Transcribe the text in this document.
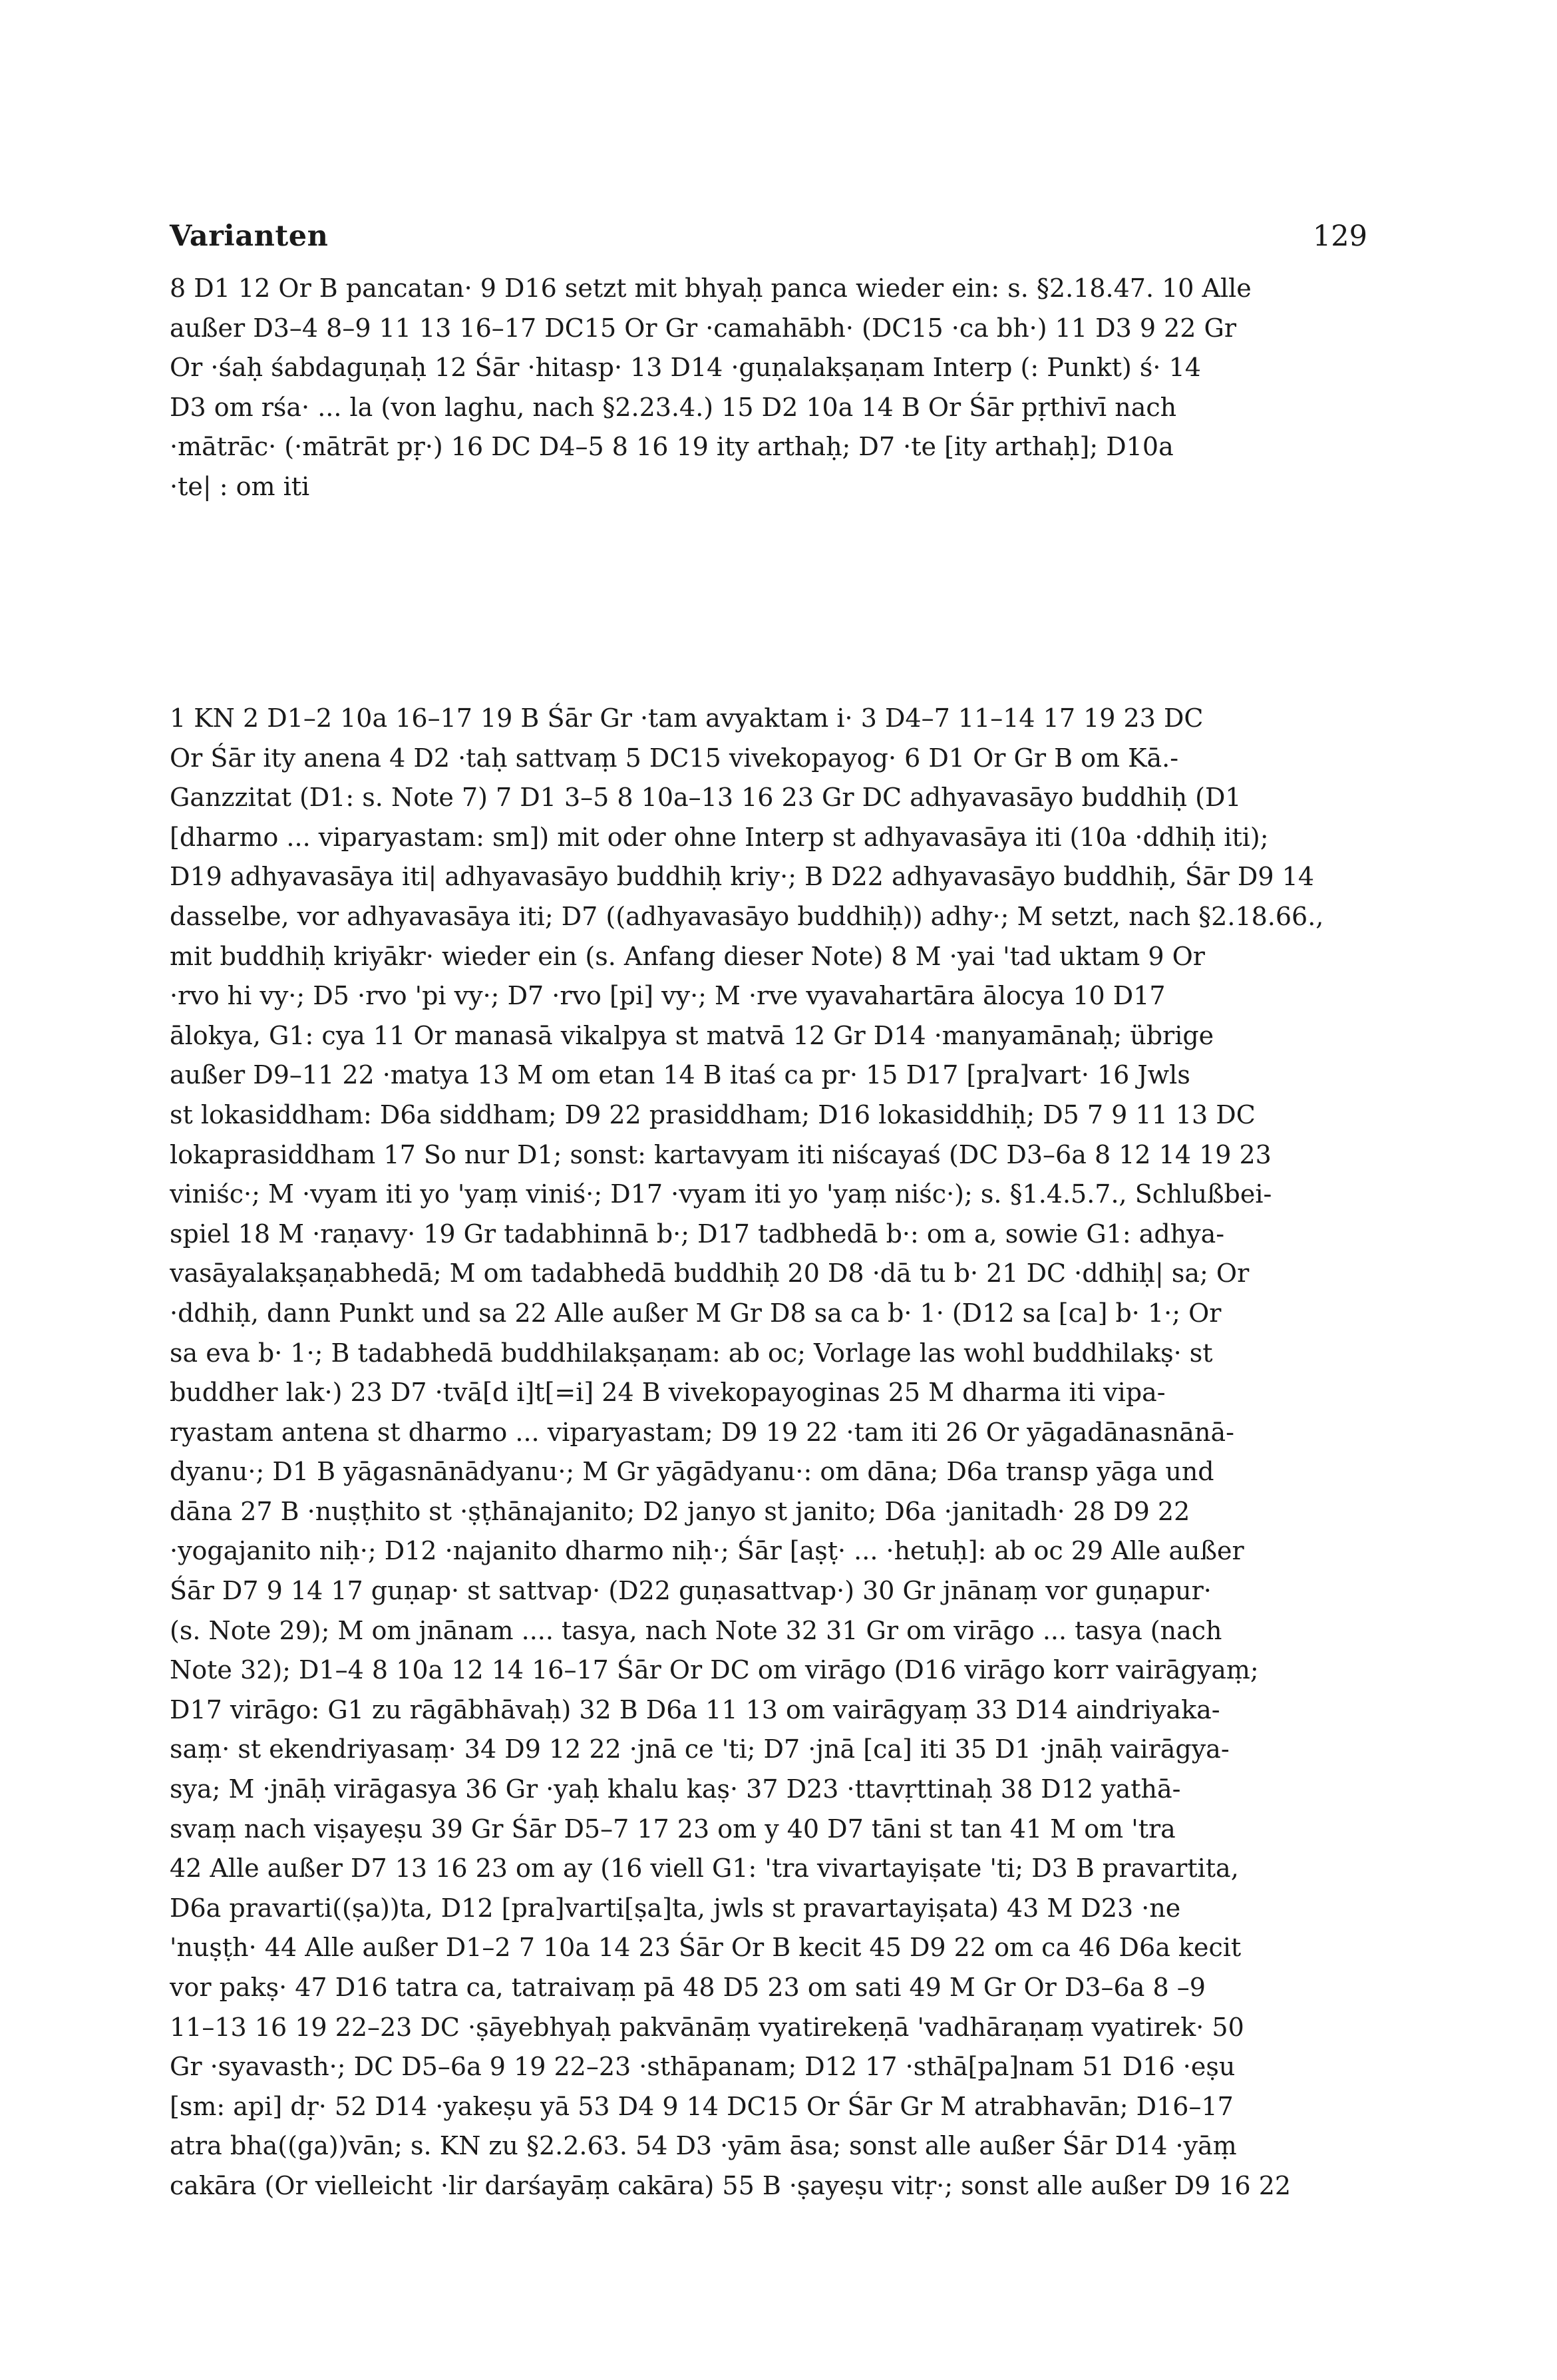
Varianten	129
8 D1 12 Or B pancatan· 9 D16 setzt mit bhyaḥ panca wieder ein: s. §2.18.47. 10 Alle
außer D3–4 8–9 11 13 16–17 DC15 Or Gr ·camahābh· (DC15 ·ca bh·) 11 D3 9 22 Gr
Or ·śaḥ śabdaguṇaḥ 12 Śār ·hitasp· 13 D14 ·guṇalakṣaṇam Interp (: Punkt) ś· 14
D3 om rśa· ... la (von laghu, nach §2.23.4.) 15 D2 10a 14 B Or Śār pṛthivī nach
·mātrāc· (·mātrāt pṛ·) 16 DC D4–5 8 16 19 ity arthaḥ; D7 ·te [ity arthaḥ]; D10a
·te| : om iti
1 KN 2 D1–2 10a 16–17 19 B Śār Gr ·tam avyaktam i· 3 D4–7 11–14 17 19 23 DC
Or Śār ity anena 4 D2 ·taḥ sattvaṃ 5 DC15 vivekopayog· 6 D1 Or Gr B om Kā.-
Ganzzitat (D1: s. Note 7) 7 D1 3–5 8 10a–13 16 23 Gr DC adhyavasāyo buddhiḥ (D1
[dharmo ... viparyastam: sm]) mit oder ohne Interp st adhyavasāya iti (10a ·ddhiḥ iti);
D19 adhyavasāya iti| adhyavasāyo buddhiḥ kriy·; B D22 adhyavasāyo buddhiḥ, Śār D9 14
dasselbe, vor adhyavasāya iti; D7 ((adhyavasāyo buddhiḥ)) adhy·; M setzt, nach §2.18.66.,
mit buddhiḥ kriyākr· wieder ein (s. Anfang dieser Note) 8 M ·yai 'tad uktam 9 Or
·rvo hi vy·; D5 ·rvo 'pi vy·; D7 ·rvo [pi] vy·; M ·rve vyavahartāra ālocya 10 D17
ālokya, G1: cya 11 Or manasā vikalpya st matvā 12 Gr D14 ·manyamānaḥ; übrige
außer D9–11 22 ·matya 13 M om etan 14 B itaś ca pr· 15 D17 [pra]vart· 16 Jwls
st lokasiddham: D6a siddham; D9 22 prasiddham; D16 lokasiddhiḥ; D5 7 9 11 13 DC
lokaprasiddham 17 So nur D1; sonst: kartavyam iti niścayaś (DC D3–6a 8 12 14 19 23
viniśc·; M ·vyam iti yo 'yaṃ viniś·; D17 ·vyam iti yo 'yaṃ niśc·); s. §1.4.5.7., Schlußbei-
spiel 18 M ·raṇavy· 19 Gr tadabhinnā b·; D17 tadbhedā b·: om a, sowie G1: adhya-
vasāyalakṣaṇabhedā; M om tadabhedā buddhiḥ 20 D8 ·dā tu b· 21 DC ·ddhiḥ| sa; Or
·ddhiḥ, dann Punkt und sa 22 Alle außer M Gr D8 sa ca b· 1· (D12 sa [ca] b· 1·; Or
sa eva b· 1·; B tadabhedā buddhilakṣaṇam: ab oc; Vorlage las wohl buddhilakṣ· st
buddher lak·) 23 D7 ·tvā[d i]t[=i] 24 B vivekopayoginas 25 M dharma iti vipa-
ryastam antena st dharmo ... viparyastam; D9 19 22 ·tam iti 26 Or yāgadānasnānā-
dyanu·; D1 B yāgasnānādyanu·; M Gr yāgādyanu·: om dāna; D6a transp yāga und
dāna 27 B ·nuṣṭhito st ·ṣṭhānajanito; D2 janyo st janito; D6a ·janitadh· 28 D9 22
·yogajanito niḥ·; D12 ·najanito dharmo niḥ·; Śār [aṣṭ· ... ·hetuḥ]: ab oc 29 Alle außer
Śār D7 9 14 17 guṇap· st sattvap· (D22 guṇasattvap·) 30 Gr jnānaṃ vor guṇapur·
(s. Note 29); M om jnānam .... tasya, nach Note 32 31 Gr om virāgo ... tasya (nach
Note 32); D1–4 8 10a 12 14 16–17 Śār Or DC om virāgo (D16 virāgo korr vairāgyaṃ;
D17 virāgo: G1 zu rāgābhāvaḥ) 32 B D6a 11 13 om vairāgyaṃ 33 D14 aindriyaka-
saṃ· st ekendriyasaṃ· 34 D9 12 22 ·jnā ce 'ti; D7 ·jnā [ca] iti 35 D1 ·jnāḥ vairāgya-
sya; M ·jnāḥ virāgasya 36 Gr ·yaḥ khalu kaṣ· 37 D23 ·ttavṛttinaḥ 38 D12 yathā-
svaṃ nach viṣayeṣu 39 Gr Śār D5–7 17 23 om y 40 D7 tāni st tan 41 M om 'tra
42 Alle außer D7 13 16 23 om ay (16 viell G1: 'tra vivartayiṣate 'ti; D3 B pravartita,
D6a pravarti((ṣa))ta, D12 [pra]varti[ṣa]ta, jwls st pravartayiṣata) 43 M D23 ·ne
'nuṣṭh· 44 Alle außer D1–2 7 10a 14 23 Śār Or B kecit 45 D9 22 om ca 46 D6a kecit
vor pakṣ· 47 D16 tatra ca, tatraivaṃ pā 48 D5 23 om sati 49 M Gr Or D3–6a 8 –9
11–13 16 19 22–23 DC ·ṣāyebhyaḥ pakvānāṃ vyatirekeṇā 'vadhāraṇaṃ vyatirek· 50
Gr ·syavasth·; DC D5–6a 9 19 22–23 ·sthāpanam; D12 17 ·sthā[pa]nam 51 D16 ·eṣu
[sm: api] dṛ· 52 D14 ·yakeṣu yā 53 D4 9 14 DC15 Or Śār Gr M atrabhavān; D16–17
atra bha((ga))vān; s. KN zu §2.2.63. 54 D3 ·yām āsa; sonst alle außer Śār D14 ·yāṃ
cakāra (Or vielleicht ·lir darśayāṃ cakāra) 55 B ·ṣayeṣu vitṛ·; sonst alle außer D9 16 22
